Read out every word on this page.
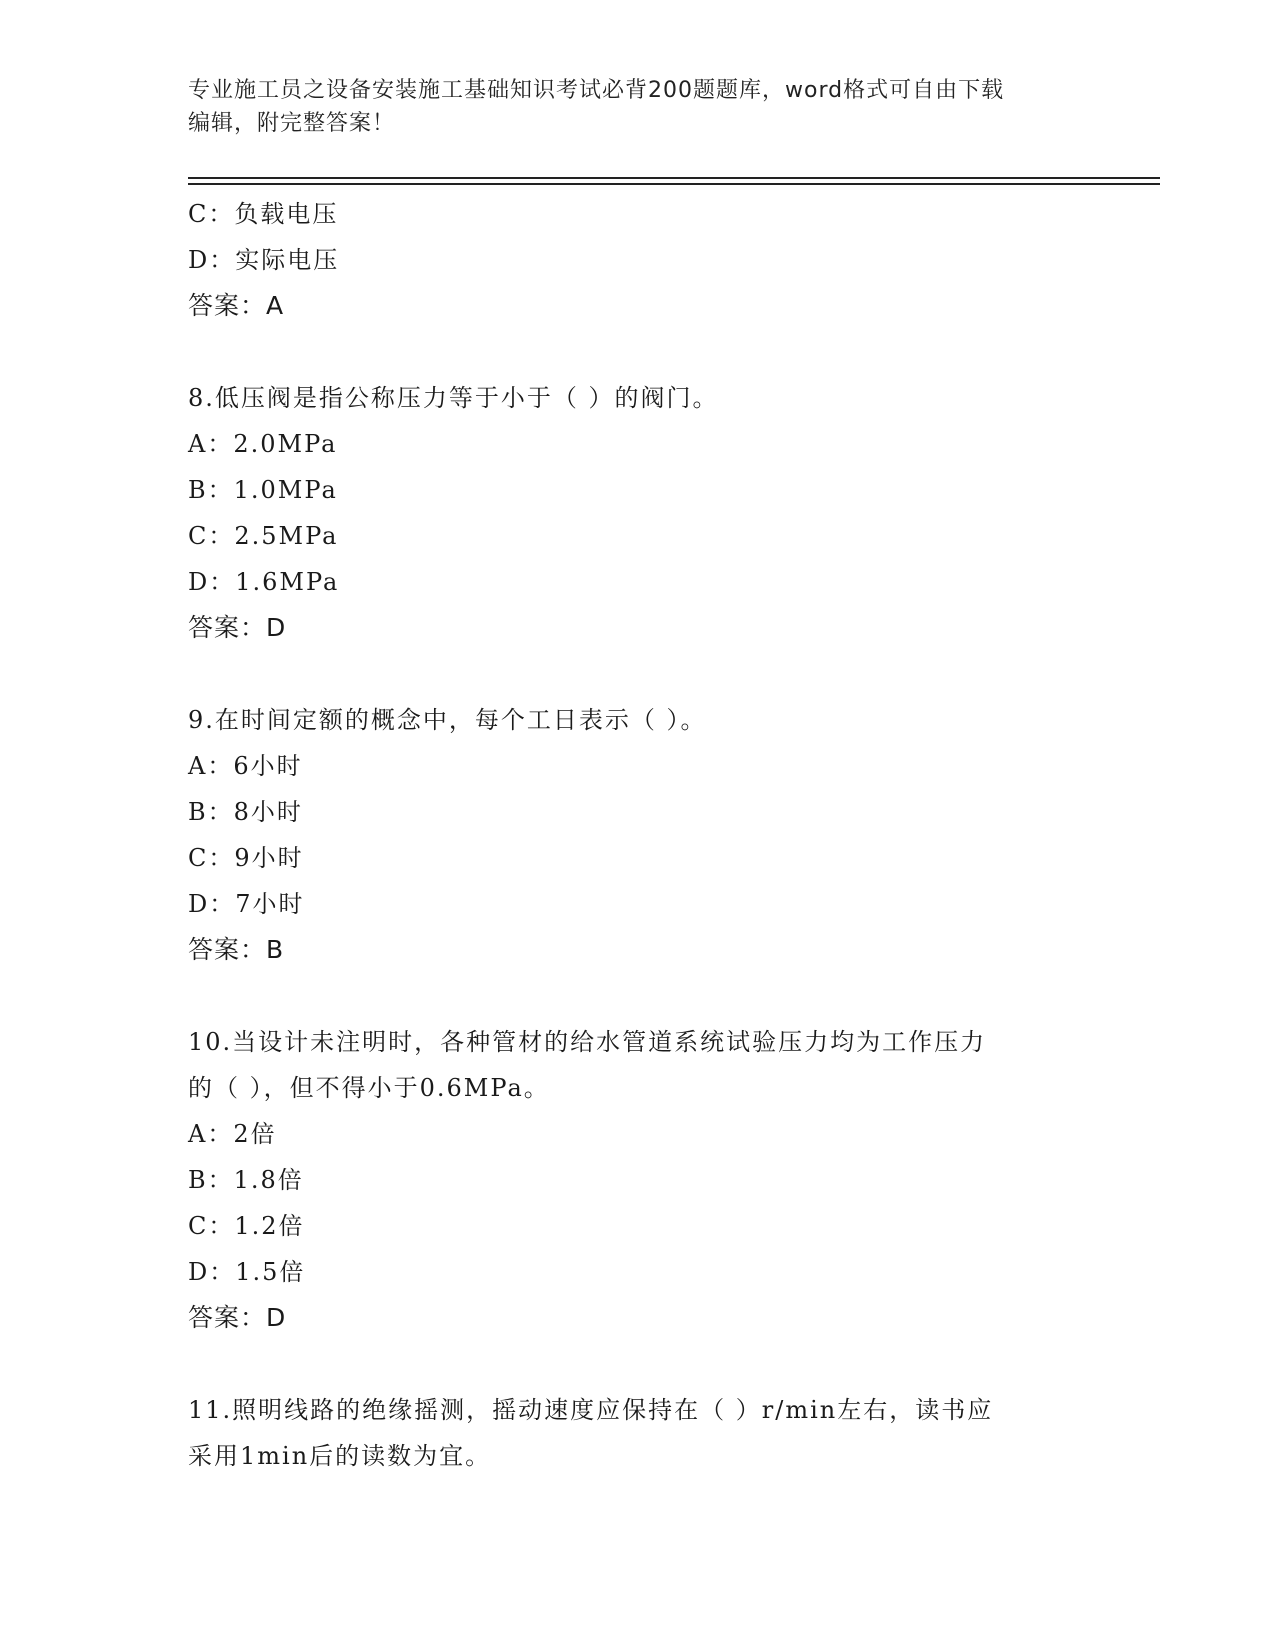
专业施工员之设备安装施工基础知识考试必背200题题库，word格式可自由下载
编辑，附完整答案！
C：负载电压
D：实际电压
答案：A
8.低压阀是指公称压力等于小于（ ）的阀门。
A：2.0MPa
B：1.0MPa
C：2.5MPa
D：1.6MPa
答案：D
9.在时间定额的概念中，每个工日表示（ ）。
A：6小时
B：8小时
C：9小时
D：7小时
答案：B
10.当设计未注明时，各种管材的给水管道系统试验压力均为工作压力
的（ ），但不得小于0.6MPa。
A：2倍
B：1.8倍
C：1.2倍
D：1.5倍
答案：D
11.照明线路的绝缘摇测，摇动速度应保持在（ ）r/min左右，读书应
采用1min后的读数为宜。
